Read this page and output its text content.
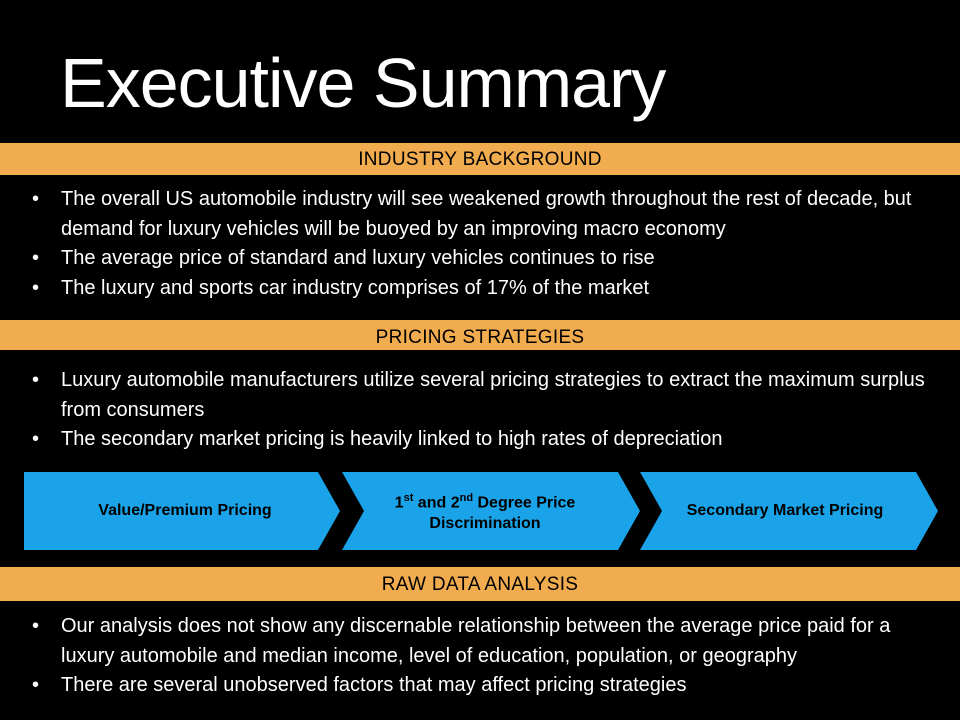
Executive Summary
INDUSTRY BACKGROUND
• The overall US automobile industry will see weakened growth throughout the rest of decade, but demand for luxury vehicles will be buoyed by an improving macro economy
• The average price of standard and luxury vehicles continues to rise
• The luxury and sports car industry comprises of 17% of the market
PRICING STRATEGIES
• Luxury automobile manufacturers utilize several pricing strategies to extract the maximum surplus from consumers
• The secondary market pricing is heavily linked to high rates of depreciation
Value/Premium Pricing	1st and 2nd Degree Price Discrimination
Secondary Market Pricing
RAW DATA ANALYSIS
• Our analysis does not show any discernable relationship between the average price paid for a luxury automobile and median income, level of education, population, or geography
• There are several unobserved factors that may affect pricing strategies
